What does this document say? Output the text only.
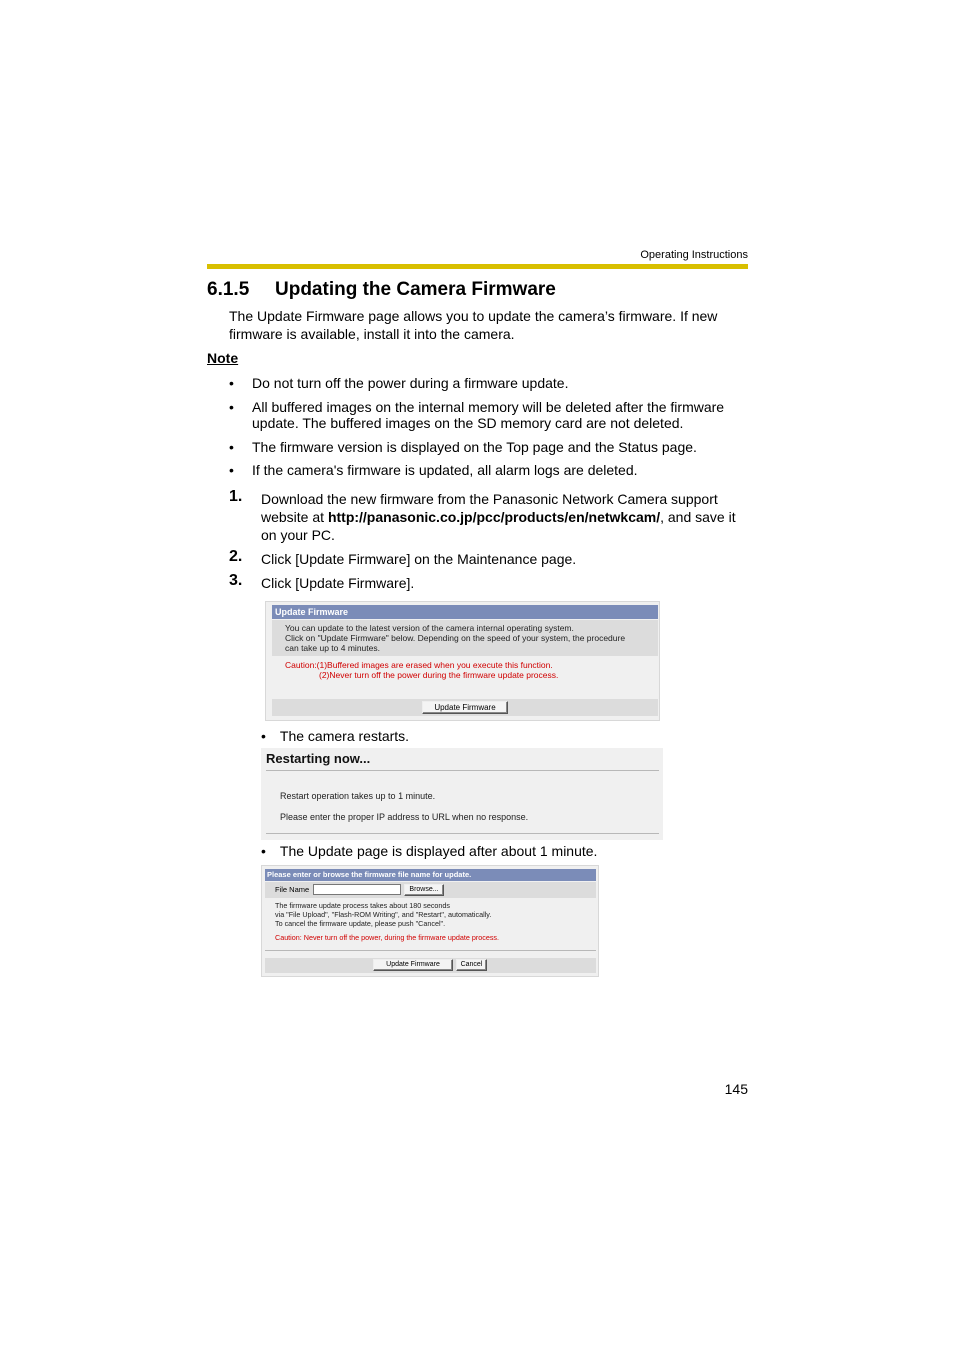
Operating Instructions
6.1.5 Updating the Camera Firmware
The Update Firmware page allows you to update the camera’s firmware. If new firmware is available, install it into the camera.
Note
• Do not turn off the power during a firmware update.
• All buffered images on the internal memory will be deleted after the firmware update. The buffered images on the SD memory card are not deleted.
• The firmware version is displayed on the Top page and the Status page.
• If the camera's firmware is updated, all alarm logs are deleted.
1. Download the new firmware from the Panasonic Network Camera support website at http://panasonic.co.jp/pcc/products/en/netwkcam/, and save it on your PC.
2. Click [Update Firmware] on the Maintenance page.
3. Click [Update Firmware].
Update Firmware
You can update to the latest version of the camera internal operating system.
Click on "Update Firmware" below. Depending on the speed of your system, the procedure
can take up to 4 minutes.
Caution:(1)Buffered images are erased when you execute this function.
(2)Never turn off the power during the firmware update process.
Update Firmware
• The camera restarts.
Restarting now...
Restart operation takes up to 1 minute.
Please enter the proper IP address to URL when no response.
• The Update page is displayed after about 1 minute.
Please enter or browse the firmware file name for update.
File Name	Browse...
The firmware update process takes about 180 seconds
via "File Upload", "Flash-ROM Writing", and "Restart", automatically.
To cancel the firmware update, please push "Cancel".
Caution: Never turn off the power, during the firmware update process.
Update Firmware	Cancel
145
